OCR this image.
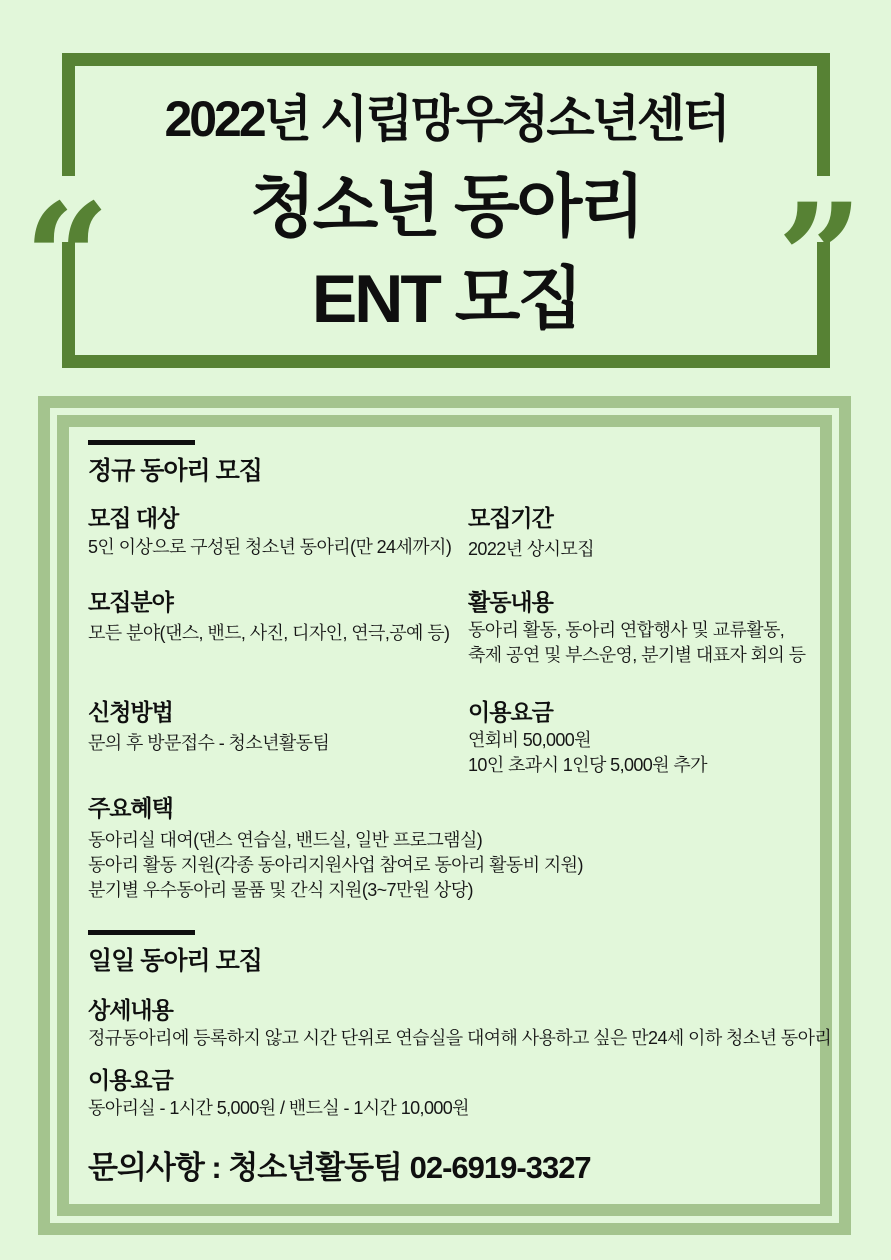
2022년 시립망우청소년센터
청소년 동아리
ENT 모집
“	”
정규 동아리 모집
모집 대상
5인 이상으로 구성된 청소년 동아리(만 24세까지)
모집기간
2022년 상시모집
모집분야
모든 분야(댄스, 밴드, 사진, 디자인, 연극,공예 등)
활동내용
동아리 활동, 동아리 연합행사 및 교류활동,
축제 공연 및 부스운영, 분기별 대표자 회의 등
신청방법
문의 후 방문접수 - 청소년활동팀
이용요금
연회비 50,000원
10인 초과시 1인당 5,000원 추가
주요혜택
동아리실 대여(댄스 연습실, 밴드실, 일반 프로그램실)
동아리 활동 지원(각종 동아리지원사업 참여로 동아리 활동비 지원)
분기별 우수동아리 물품 및 간식 지원(3~7만원 상당)
일일 동아리 모집
상세내용
정규동아리에 등록하지 않고 시간 단위로 연습실을 대여해 사용하고 싶은 만24세 이하 청소년 동아리
이용요금
동아리실 - 1시간 5,000원 / 밴드실 - 1시간 10,000원
문의사항 : 청소년활동팀 02-6919-3327
